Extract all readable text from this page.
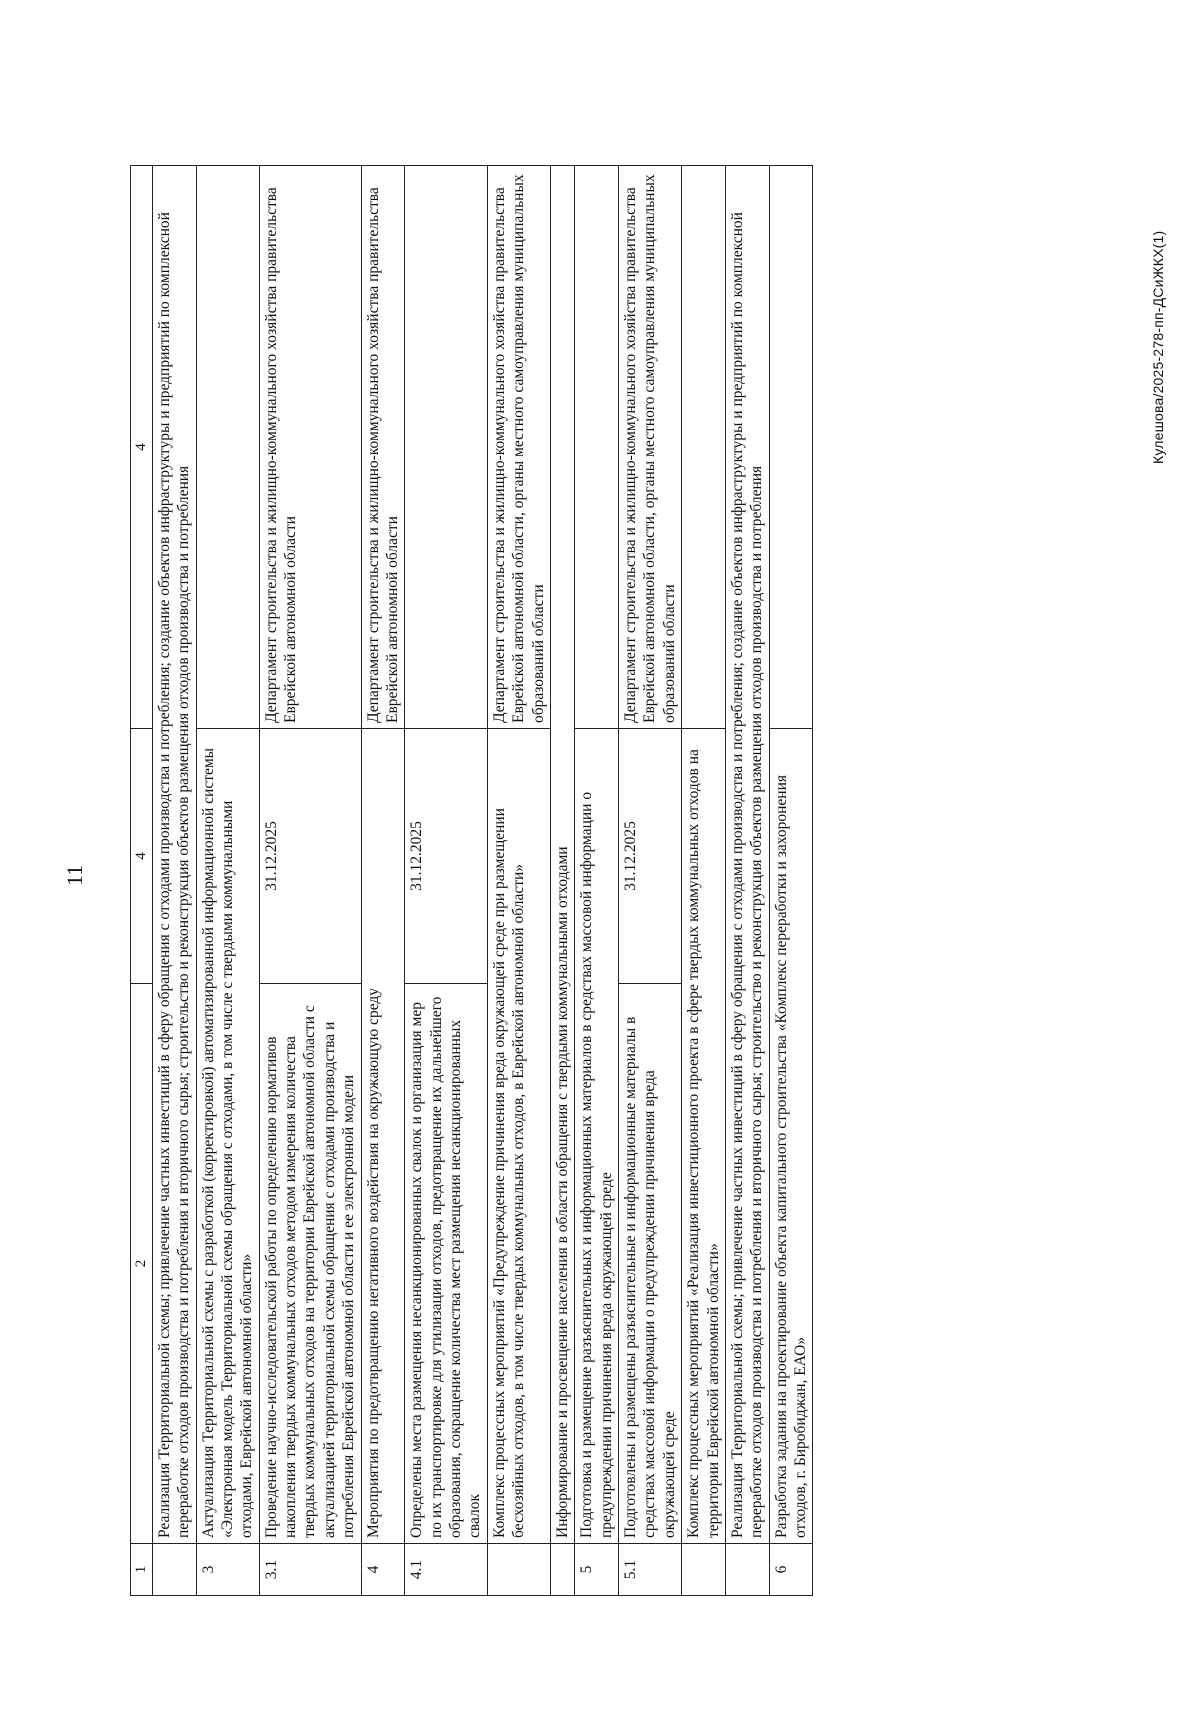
11
1	2	4	4
	Реализация Территориальной схемы; привлечение частных инвестиций в сферу обращения с отходами производства и потребления; создание объектов инфраструктуры и предприятий по комплексной переработке отходов производства и потребления и вторичного сырья; строительство и реконструкция объектов размещения отходов производства и потребления		
3	Актуализация Территориальной схемы с разработкой (корректировкой) автоматизированной информационной системы «Электронная модель Территориальной схемы обращения с отходами, в том числе с твердыми коммунальными отходами, Еврейской автономной области»		
3.1	Проведение научно-исследовательской работы по определению нормативов накопления твердых коммунальных отходов методом измерения количества твердых коммунальных отходов на территории Еврейской автономной области с актуализацией территориальной схемы обращения с отходами производства и потребления Еврейской автономной области и ее электронной модели	31.12.2025	Департамент строительства и жилищно-коммунального хозяйства правительства Еврейской автономной области
4	Мероприятия по предотвращению негативного воздействия на окружающую среду		Департамент строительства и жилищно-коммунального хозяйства правительства Еврейской автономной области
4.1	Определены места размещения несанкционированных свалок и организация мер по их транспортировке для утилизации отходов, предотвращение их дальнейшего образования, сокращение количества мест размещения несанкционированных свалок	31.12.2025	
	Комплекс процессных мероприятий «Предупреждение причинения вреда окружающей среде при размещении бесхозяйных отходов, в том числе твердых коммунальных отходов, в Еврейской автономной области»		Департамент строительства и жилищно-коммунального хозяйства правительства Еврейской автономной области, органы местного самоуправления муниципальных образований области
	Информирование и просвещение населения в области обращения с твердыми коммунальными отходами		
5	Подготовка и размещение разъяснительных и информационных материалов в средствах массовой информации о предупреждении причинения вреда окружающей среде		
5.1	Подготовлены и размещены разъяснительные и информационные материалы в средствах массовой информации о предупреждении причинения вреда окружающей среде	31.12.2025	Департамент строительства и жилищно-коммунального хозяйства правительства Еврейской автономной области, органы местного самоуправления муниципальных образований области
	Комплекс процессных мероприятий «Реализация инвестиционного проекта в сфере твердых коммунальных отходов на территории Еврейской автономной области»		
	Реализация Территориальной схемы; привлечение частных инвестиций в сферу обращения с отходами производства и потребления; создание объектов инфраструктуры и предприятий по комплексной переработке отходов производства и потребления и вторичного сырья; строительство и реконструкция объектов размещения отходов производства и потребления		
6	Разработка задания на проектирование объекта капитального строительства «Комплекс переработки и захоронения отходов, г. Биробиджан, ЕАО»		
Кулешова/2025-278-пп-ДСиЖКХ(1)
